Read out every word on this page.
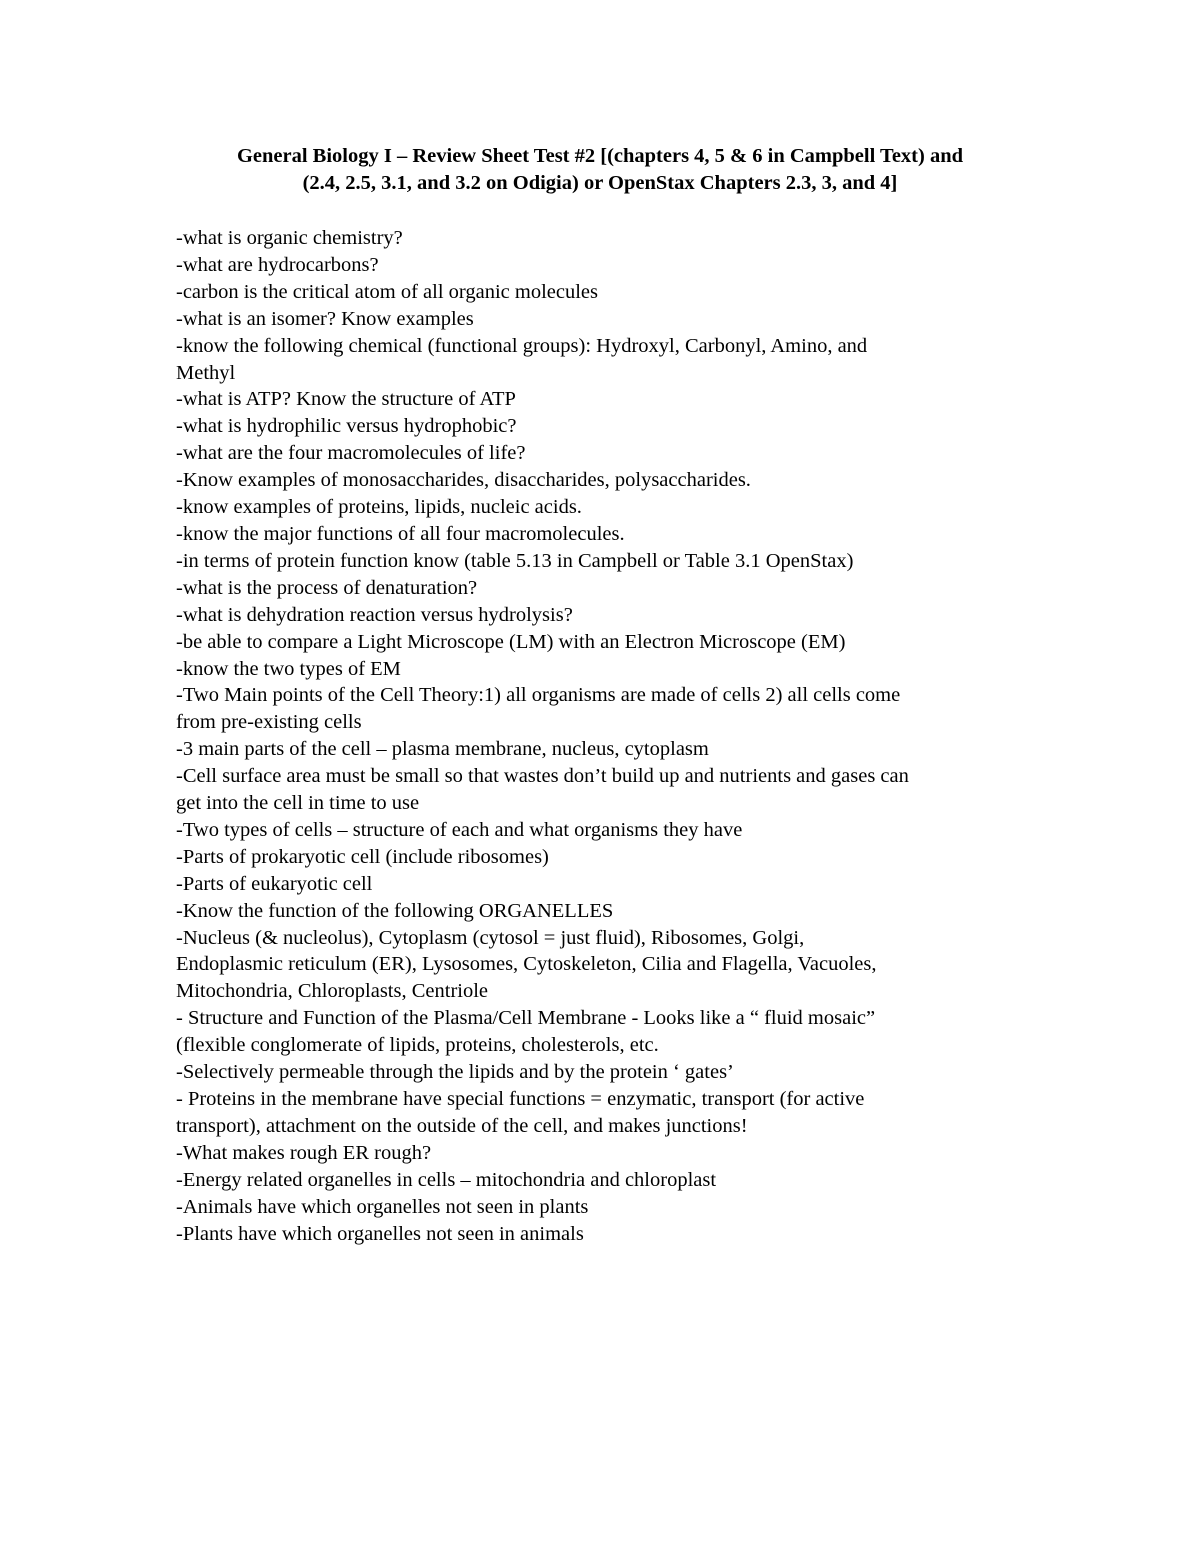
General Biology I – Review Sheet Test #2 [(chapters 4, 5 & 6 in Campbell Text) and
(2.4, 2.5, 3.1, and 3.2 on Odigia) or OpenStax Chapters 2.3, 3, and 4]
-what is organic chemistry?
-what are hydrocarbons?
-carbon is the critical atom of all organic molecules
-what is an isomer? Know examples
-know the following chemical (functional groups): Hydroxyl, Carbonyl, Amino, and
Methyl
-what is ATP? Know the structure of ATP
-what is hydrophilic versus hydrophobic?
-what are the four macromolecules of life?
-Know examples of monosaccharides, disaccharides, polysaccharides.
-know examples of proteins, lipids, nucleic acids.
-know the major functions of all four macromolecules.
-in terms of protein function know (table 5.13 in Campbell or Table 3.1 OpenStax)
-what is the process of denaturation?
-what is dehydration reaction versus hydrolysis?
-be able to compare a Light Microscope (LM) with an Electron Microscope (EM)
-know the two types of EM
-Two Main points of the Cell Theory:1) all organisms are made of cells 2) all cells come
from pre-existing cells
-3 main parts of the cell – plasma membrane, nucleus, cytoplasm
-Cell surface area must be small so that wastes don’t build up and nutrients and gases can
get into the cell in time to use
-Two types of cells – structure of each and what organisms they have
-Parts of prokaryotic cell (include ribosomes)
-Parts of eukaryotic cell
-Know the function of the following ORGANELLES
-Nucleus (& nucleolus), Cytoplasm (cytosol = just fluid), Ribosomes, Golgi,
Endoplasmic reticulum (ER), Lysosomes, Cytoskeleton, Cilia and Flagella, Vacuoles,
Mitochondria, Chloroplasts, Centriole
- Structure and Function of the Plasma/Cell Membrane - Looks like a “ fluid mosaic”
(flexible conglomerate of lipids, proteins, cholesterols, etc.
-Selectively permeable through the lipids and by the protein ‘ gates’
- Proteins in the membrane have special functions = enzymatic, transport (for active
transport), attachment on the outside of the cell, and makes junctions!
-What makes rough ER rough?
-Energy related organelles in cells – mitochondria and chloroplast
-Animals have which organelles not seen in plants
-Plants have which organelles not seen in animals
